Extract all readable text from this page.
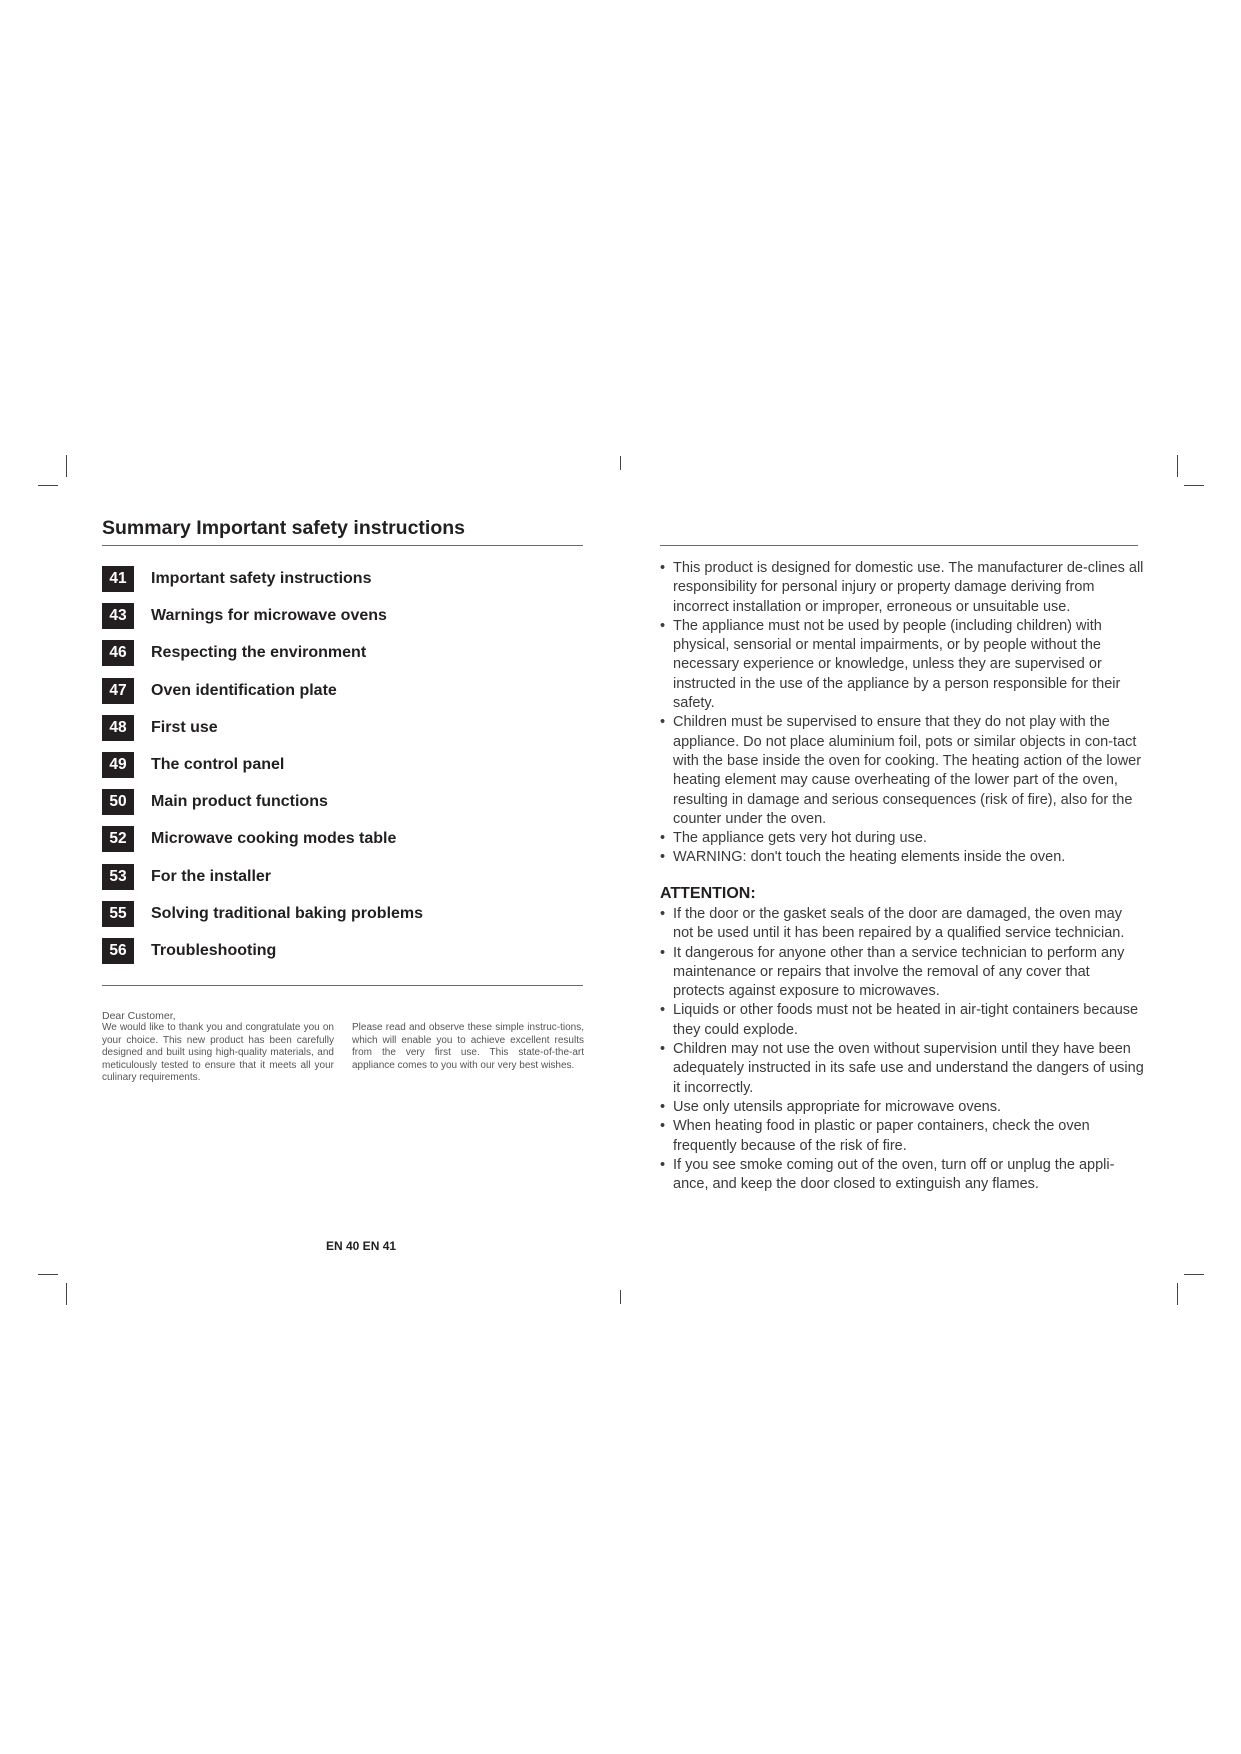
Summary Important safety instructions
41	Important safety instructions
43	Warnings for microwave ovens
46	Respecting the environment
47	Oven identification plate
48	First use
49	The control panel
50	Main product functions
52	Microwave cooking modes table
53	For the installer
55	Solving traditional baking problems
56	Troubleshooting
Dear Customer,

We would like to thank you and congratulate you on your choice. This new product has been carefully designed and built using high-quality materials, and meticulously tested to ensure that it meets all your culinary requirements.

Please read and observe these simple instruc-tions, which will enable you to achieve excellent results from the very first use. This state-of-the-art appliance comes to you with our very best wishes.

EN 40 EN 41
• This product is designed for domestic use. The manufacturer de-clines all responsibility for personal injury or property damage deriving from incorrect installation or improper, erroneous or unsuitable use.
• The appliance must not be used by people (including children) with physical, sensorial or mental impairments, or by people without the necessary experience or knowledge, unless they are supervised or instructed in the use of the appliance by a person responsible for their safety.
• Children must be supervised to ensure that they do not play with the appliance. Do not place aluminium foil, pots or similar objects in con-tact with the base inside the oven for cooking. The heating action of the lower heating element may cause overheating of the lower part of the oven, resulting in damage and serious consequences (risk of fire), also for the counter under the oven.
• The appliance gets very hot during use.
• WARNING: don't touch the heating elements inside the oven.
ATTENTION:
• If the door or the gasket seals of the door are damaged, the oven may not be used until it has been repaired by a qualified service technician.
• It dangerous for anyone other than a service technician to perform any maintenance or repairs that involve the removal of any cover that protects against exposure to microwaves.
• Liquids or other foods must not be heated in air-tight containers because they could explode.
• Children may not use the oven without supervision until they have been adequately instructed in its safe use and understand the dangers of using it incorrectly.
• Use only utensils appropriate for microwave ovens.
• When heating food in plastic or paper containers, check the oven frequently because of the risk of fire.
• If you see smoke coming out of the oven, turn off or unplug the appli-ance, and keep the door closed to extinguish any flames.
